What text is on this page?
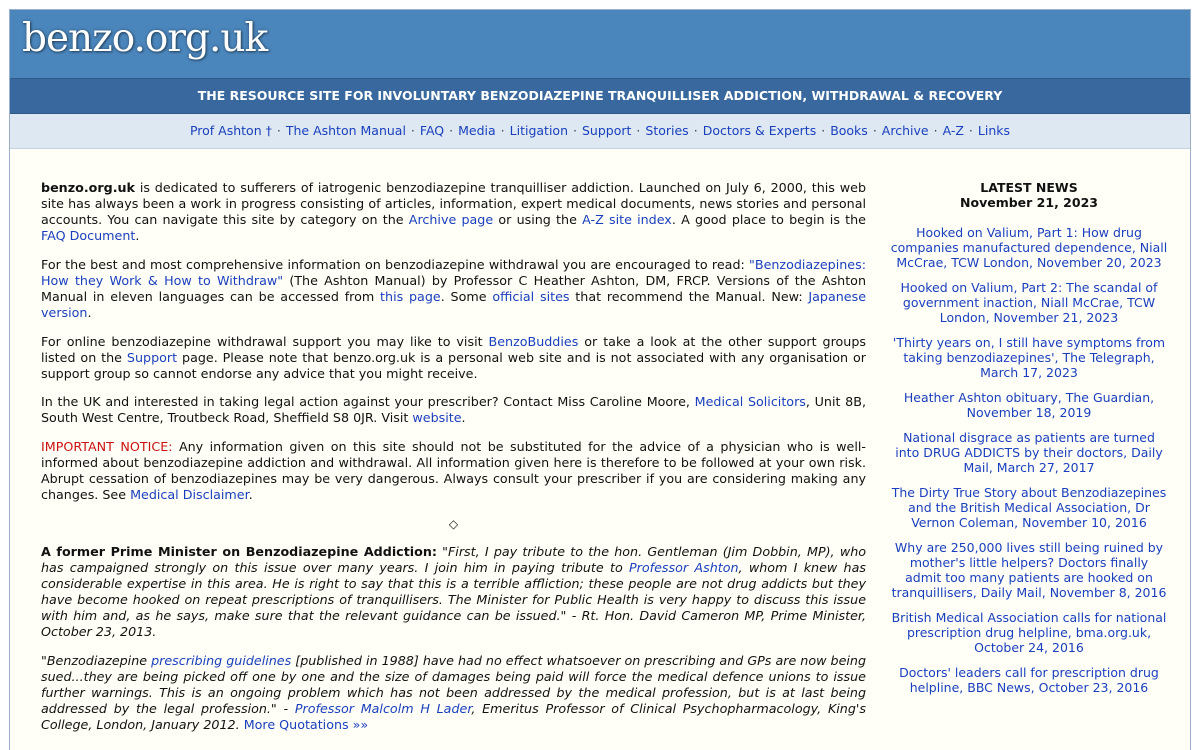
benzo.org.uk
THE RESOURCE SITE FOR INVOLUNTARY BENZODIAZEPINE TRANQUILLISER ADDICTION, WITHDRAWAL & RECOVERY
Prof Ashton † · The Ashton Manual · FAQ · Media · Litigation · Support · Stories · Doctors & Experts · Books · Archive · A-Z · Links

benzo.org.uk is dedicated to sufferers of iatrogenic benzodiazepine tranquilliser addiction. Launched on July 6, 2000, this web site has always been a work in progress consisting of articles, information, expert medical documents, news stories and personal accounts. You can navigate this site by category on the Archive page or using the A-Z site index. A good place to begin is the FAQ Document.

For the best and most comprehensive information on benzodiazepine withdrawal you are encouraged to read: "Benzodiazepines: How they Work & How to Withdraw" (The Ashton Manual) by Professor C Heather Ashton, DM, FRCP. Versions of the Ashton Manual in eleven languages can be accessed from this page. Some official sites that recommend the Manual. New: Japanese version.

For online benzodiazepine withdrawal support you may like to visit BenzoBuddies or take a look at the other support groups listed on the Support page. Please note that benzo.org.uk is a personal web site and is not associated with any organisation or support group so cannot endorse any advice that you might receive.

In the UK and interested in taking legal action against your prescriber? Contact Miss Caroline Moore, Medical Solicitors, Unit 8B, South West Centre, Troutbeck Road, Sheffield S8 0JR. Visit website.

IMPORTANT NOTICE: Any information given on this site should not be substituted for the advice of a physician who is well-informed about benzodiazepine addiction and withdrawal. All information given here is therefore to be followed at your own risk. Abrupt cessation of benzodiazepines may be very dangerous. Always consult your prescriber if you are considering making any changes. See Medical Disclaimer.

◇

A former Prime Minister on Benzodiazepine Addiction: "First, I pay tribute to the hon. Gentleman (Jim Dobbin, MP), who has campaigned strongly on this issue over many years. I join him in paying tribute to Professor Ashton, whom I knew has considerable expertise in this area. He is right to say that this is a terrible affliction; these people are not drug addicts but they have become hooked on repeat prescriptions of tranquillisers. The Minister for Public Health is very happy to discuss this issue with him and, as he says, make sure that the relevant guidance can be issued." - Rt. Hon. David Cameron MP, Prime Minister, October 23, 2013.

"Benzodiazepine prescribing guidelines [published in 1988] have had no effect whatsoever on prescribing and GPs are now being sued...they are being picked off one by one and the size of damages being paid will force the medical defence unions to issue further warnings. This is an ongoing problem which has not been addressed by the medical profession, but is at last being addressed by the legal profession." - Professor Malcolm H Lader, Emeritus Professor of Clinical Psychopharmacology, King's College, London, January 2012. More Quotations »»

LATEST NEWS
November 21, 2023
Hooked on Valium, Part 1: How drug companies manufactured dependence, Niall McCrae, TCW London, November 20, 2023
Hooked on Valium, Part 2: The scandal of government inaction, Niall McCrae, TCW London, November 21, 2023
'Thirty years on, I still have symptoms from taking benzodiazepines', The Telegraph, March 17, 2023
Heather Ashton obituary, The Guardian, November 18, 2019
National disgrace as patients are turned into DRUG ADDICTS by their doctors, Daily Mail, March 27, 2017
The Dirty True Story about Benzodiazepines and the British Medical Association, Dr Vernon Coleman, November 10, 2016
Why are 250,000 lives still being ruined by mother's little helpers? Doctors finally admit too many patients are hooked on tranquillisers, Daily Mail, November 8, 2016
British Medical Association calls for national prescription drug helpline, bma.org.uk, October 24, 2016
Doctors' leaders call for prescription drug helpline, BBC News, October 23, 2016
